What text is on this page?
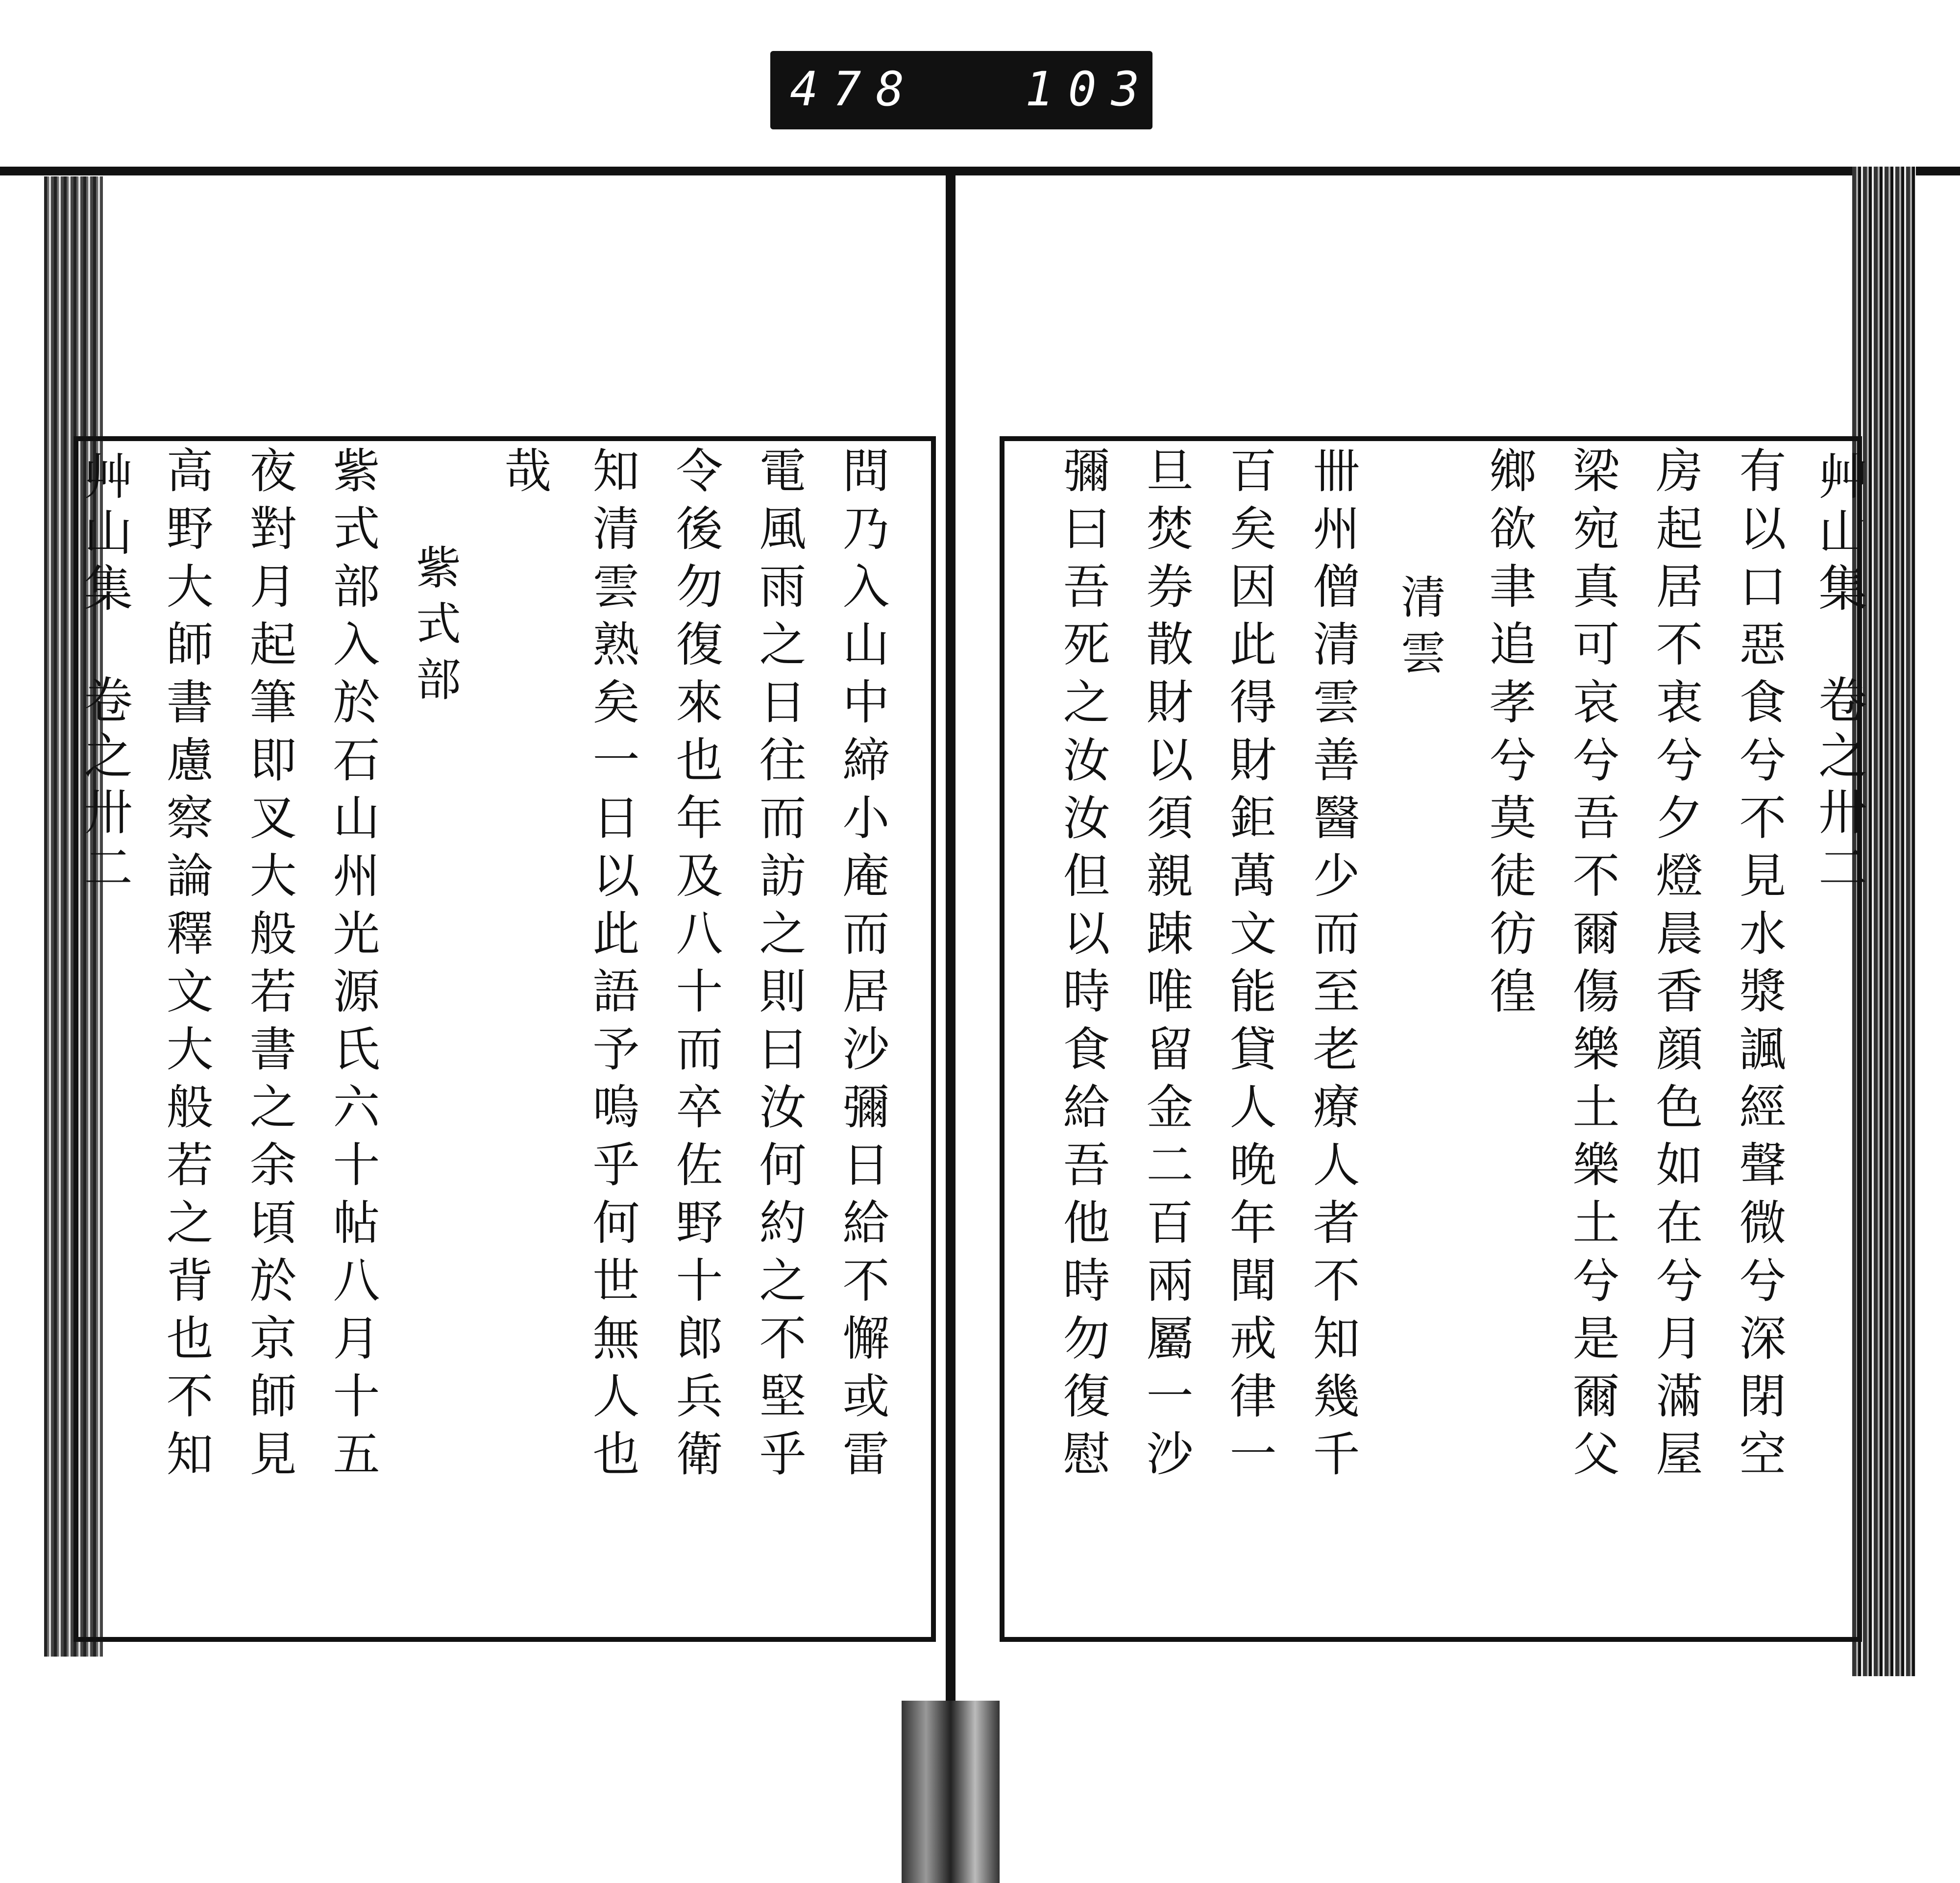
478 103.
艸山集　卷之卅二	問乃入山中締小庵而居沙彌日給不懈或雷
電風雨之日往而訪之則曰汝何約之不堅乎
令後勿復來也年及八十而卒佐野十郎兵衛
知清雲熟矣一日以此語予嗚乎何世無人也
哉
紫式部
紫式部入於石山州光源氏六十帖八月十五
夜對月起筆即叉大般若書之余頃於京師見
高野大師書慮察論釋文大般若之背也不知	艸山集　卷之卅二
有以口惡食兮不見水漿諷經聲微兮深閉空
房起居不衷兮夕燈晨香顔色如在兮月滿屋
梁宛真可哀兮吾不爾傷樂土樂土兮是爾父
鄉欲聿追孝兮莫徒彷徨
清雲
卌州僧清雲善醫少而至老療人者不知幾千
百矣因此得財鉅萬文能貸人晚年聞戒律一
旦焚券散財以須親踈唯留金二百兩屬一沙
彌曰吾死之汝汝但以時食給吾他時勿復慰
